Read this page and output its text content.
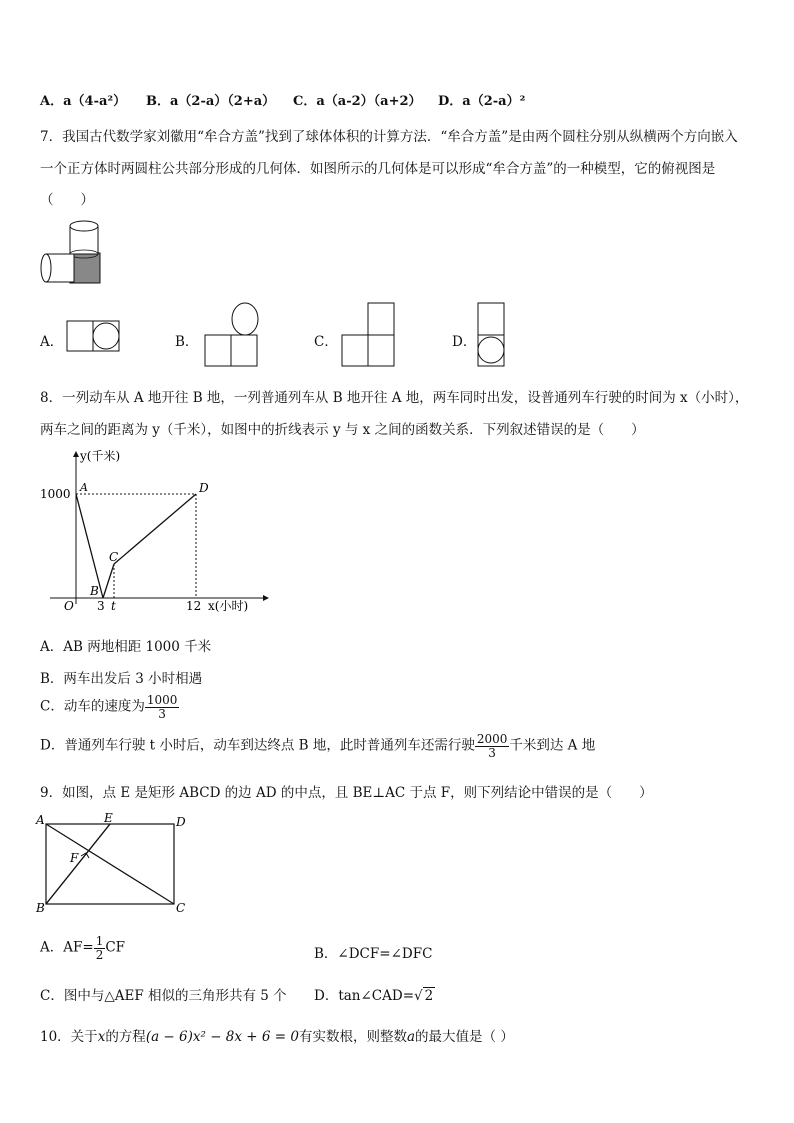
A．a（4-a²） B．a（2-a）（2+a） C．a（a-2）（a+2） D．a（2-a）²
7．我国古代数学家刘徽用“牟合方盖”找到了球体体积的计算方法．“牟合方盖”是由两个圆柱分别从纵横两个方向嵌入
一个正方体时两圆柱公共部分形成的几何体．如图所示的几何体是可以形成“牟合方盖”的一种模型，它的俯视图是
（　　）
A．	B．	C．	D．
8．一列动车从 A 地开往 B 地，一列普通列车从 B 地开往 A 地，两车同时出发，设普通列车行驶的时间为 x（小时），
两车之间的距离为 y（千米），如图中的折线表示 y 与 x 之间的函数关系．下列叙述错误的是（　　）
y(千米)
1000 A	D
C
B
O 3 t	12 x(小时)
A．AB 两地相距 1000 千米
B．两车出发后 3 小时相遇
C．动车的速度为 $\frac{1000}{3}$
D．普通列车行驶 t 小时后，动车到达终点 B 地，此时普通列车还需行驶 $\frac{2000}{3}$ 千米到达 A 地
9．如图，点 E 是矩形 ABCD 的边 AD 的中点，且 BE⊥AC 于点 F，则下列结论中错误的是（　　）
A
B	C
D
E
F
A．$AF= \frac{1}{2}$ CF	B．∠DCF=∠DFC
C．图中与△AEF 相似的三角形共有 5 个 D．tan∠CAD=√ 2
10．关于x的方程(a − 6)x² − 8x + 6 = 0有实数根，则整数a的最大值是（ ）
